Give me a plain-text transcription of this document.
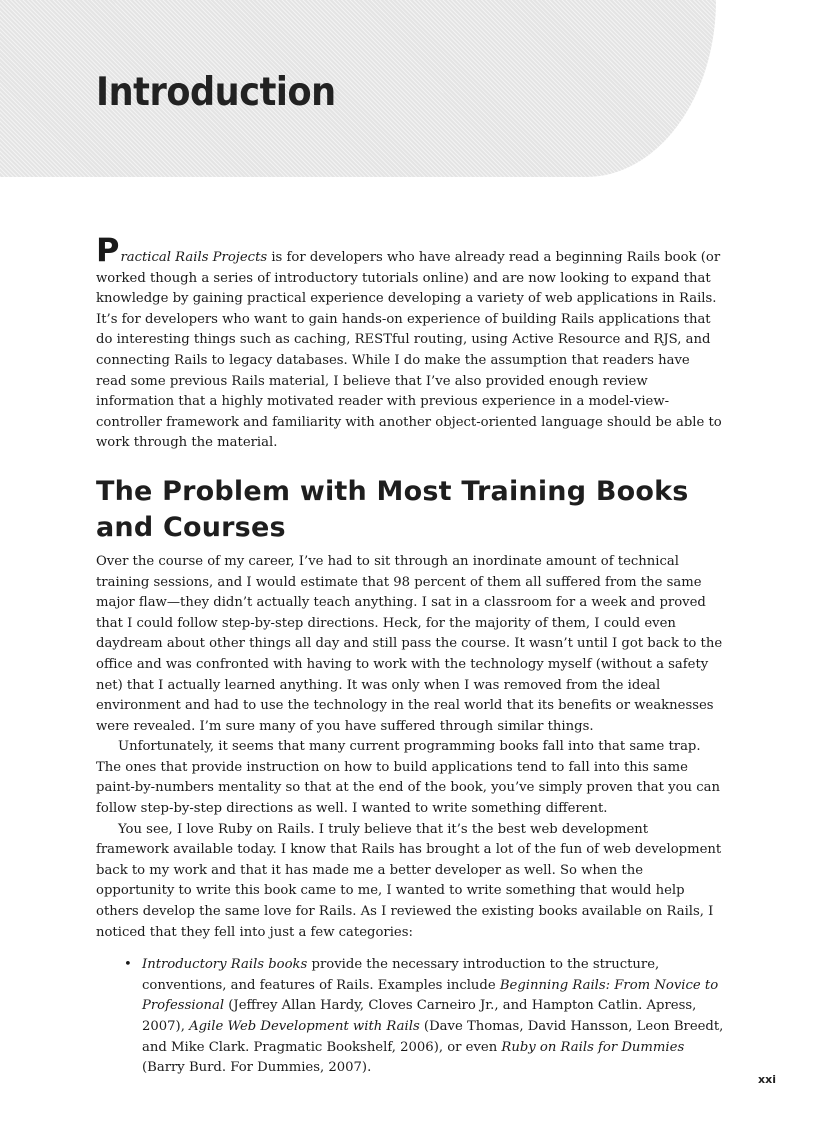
Introduction

Practical Rails Projects is for developers who have already read a beginning Rails book (or worked though a series of introductory tutorials online) and are now looking to expand that knowledge by gaining practical experience developing a variety of web applications in Rails. It’s for developers who want to gain hands-on experience of building Rails applications that do interesting things such as caching, RESTful routing, using Active Resource and RJS, and connecting Rails to legacy databases. While I do make the assumption that readers have read some previous Rails material, I believe that I’ve also provided enough review information that a highly motivated reader with previous experience in a model-view-controller framework and familiarity with another object-oriented language should be able to work through the material.

The Problem with Most Training Books and Courses

Over the course of my career, I’ve had to sit through an inordinate amount of technical training sessions, and I would estimate that 98 percent of them all suffered from the same major flaw—they didn’t actually teach anything. I sat in a classroom for a week and proved that I could follow step-by-step directions. Heck, for the majority of them, I could even daydream about other things all day and still pass the course. It wasn’t until I got back to the office and was confronted with having to work with the technology myself (without a safety net) that I actually learned anything. It was only when I was removed from the ideal environment and had to use the technology in the real world that its benefits or weaknesses were revealed. I’m sure many of you have suffered through similar things.

Unfortunately, it seems that many current programming books fall into that same trap. The ones that provide instruction on how to build applications tend to fall into this same paint-by-numbers mentality so that at the end of the book, you’ve simply proven that you can follow step-by-step directions as well. I wanted to write something different.

You see, I love Ruby on Rails. I truly believe that it’s the best web development framework available today. I know that Rails has brought a lot of the fun of web development back to my work and that it has made me a better developer as well. So when the opportunity to write this book came to me, I wanted to write something that would help others develop the same love for Rails. As I reviewed the existing books available on Rails, I noticed that they fell into just a few categories:

• Introductory Rails books provide the necessary introduction to the structure, conventions, and features of Rails. Examples include Beginning Rails: From Novice to Professional (Jeffrey Allan Hardy, Cloves Carneiro Jr., and Hampton Catlin. Apress, 2007), Agile Web Development with Rails (Dave Thomas, David Hansson, Leon Breedt, and Mike Clark. Pragmatic Bookshelf, 2006), or even Ruby on Rails for Dummies (Barry Burd. For Dummies, 2007).
xxi
